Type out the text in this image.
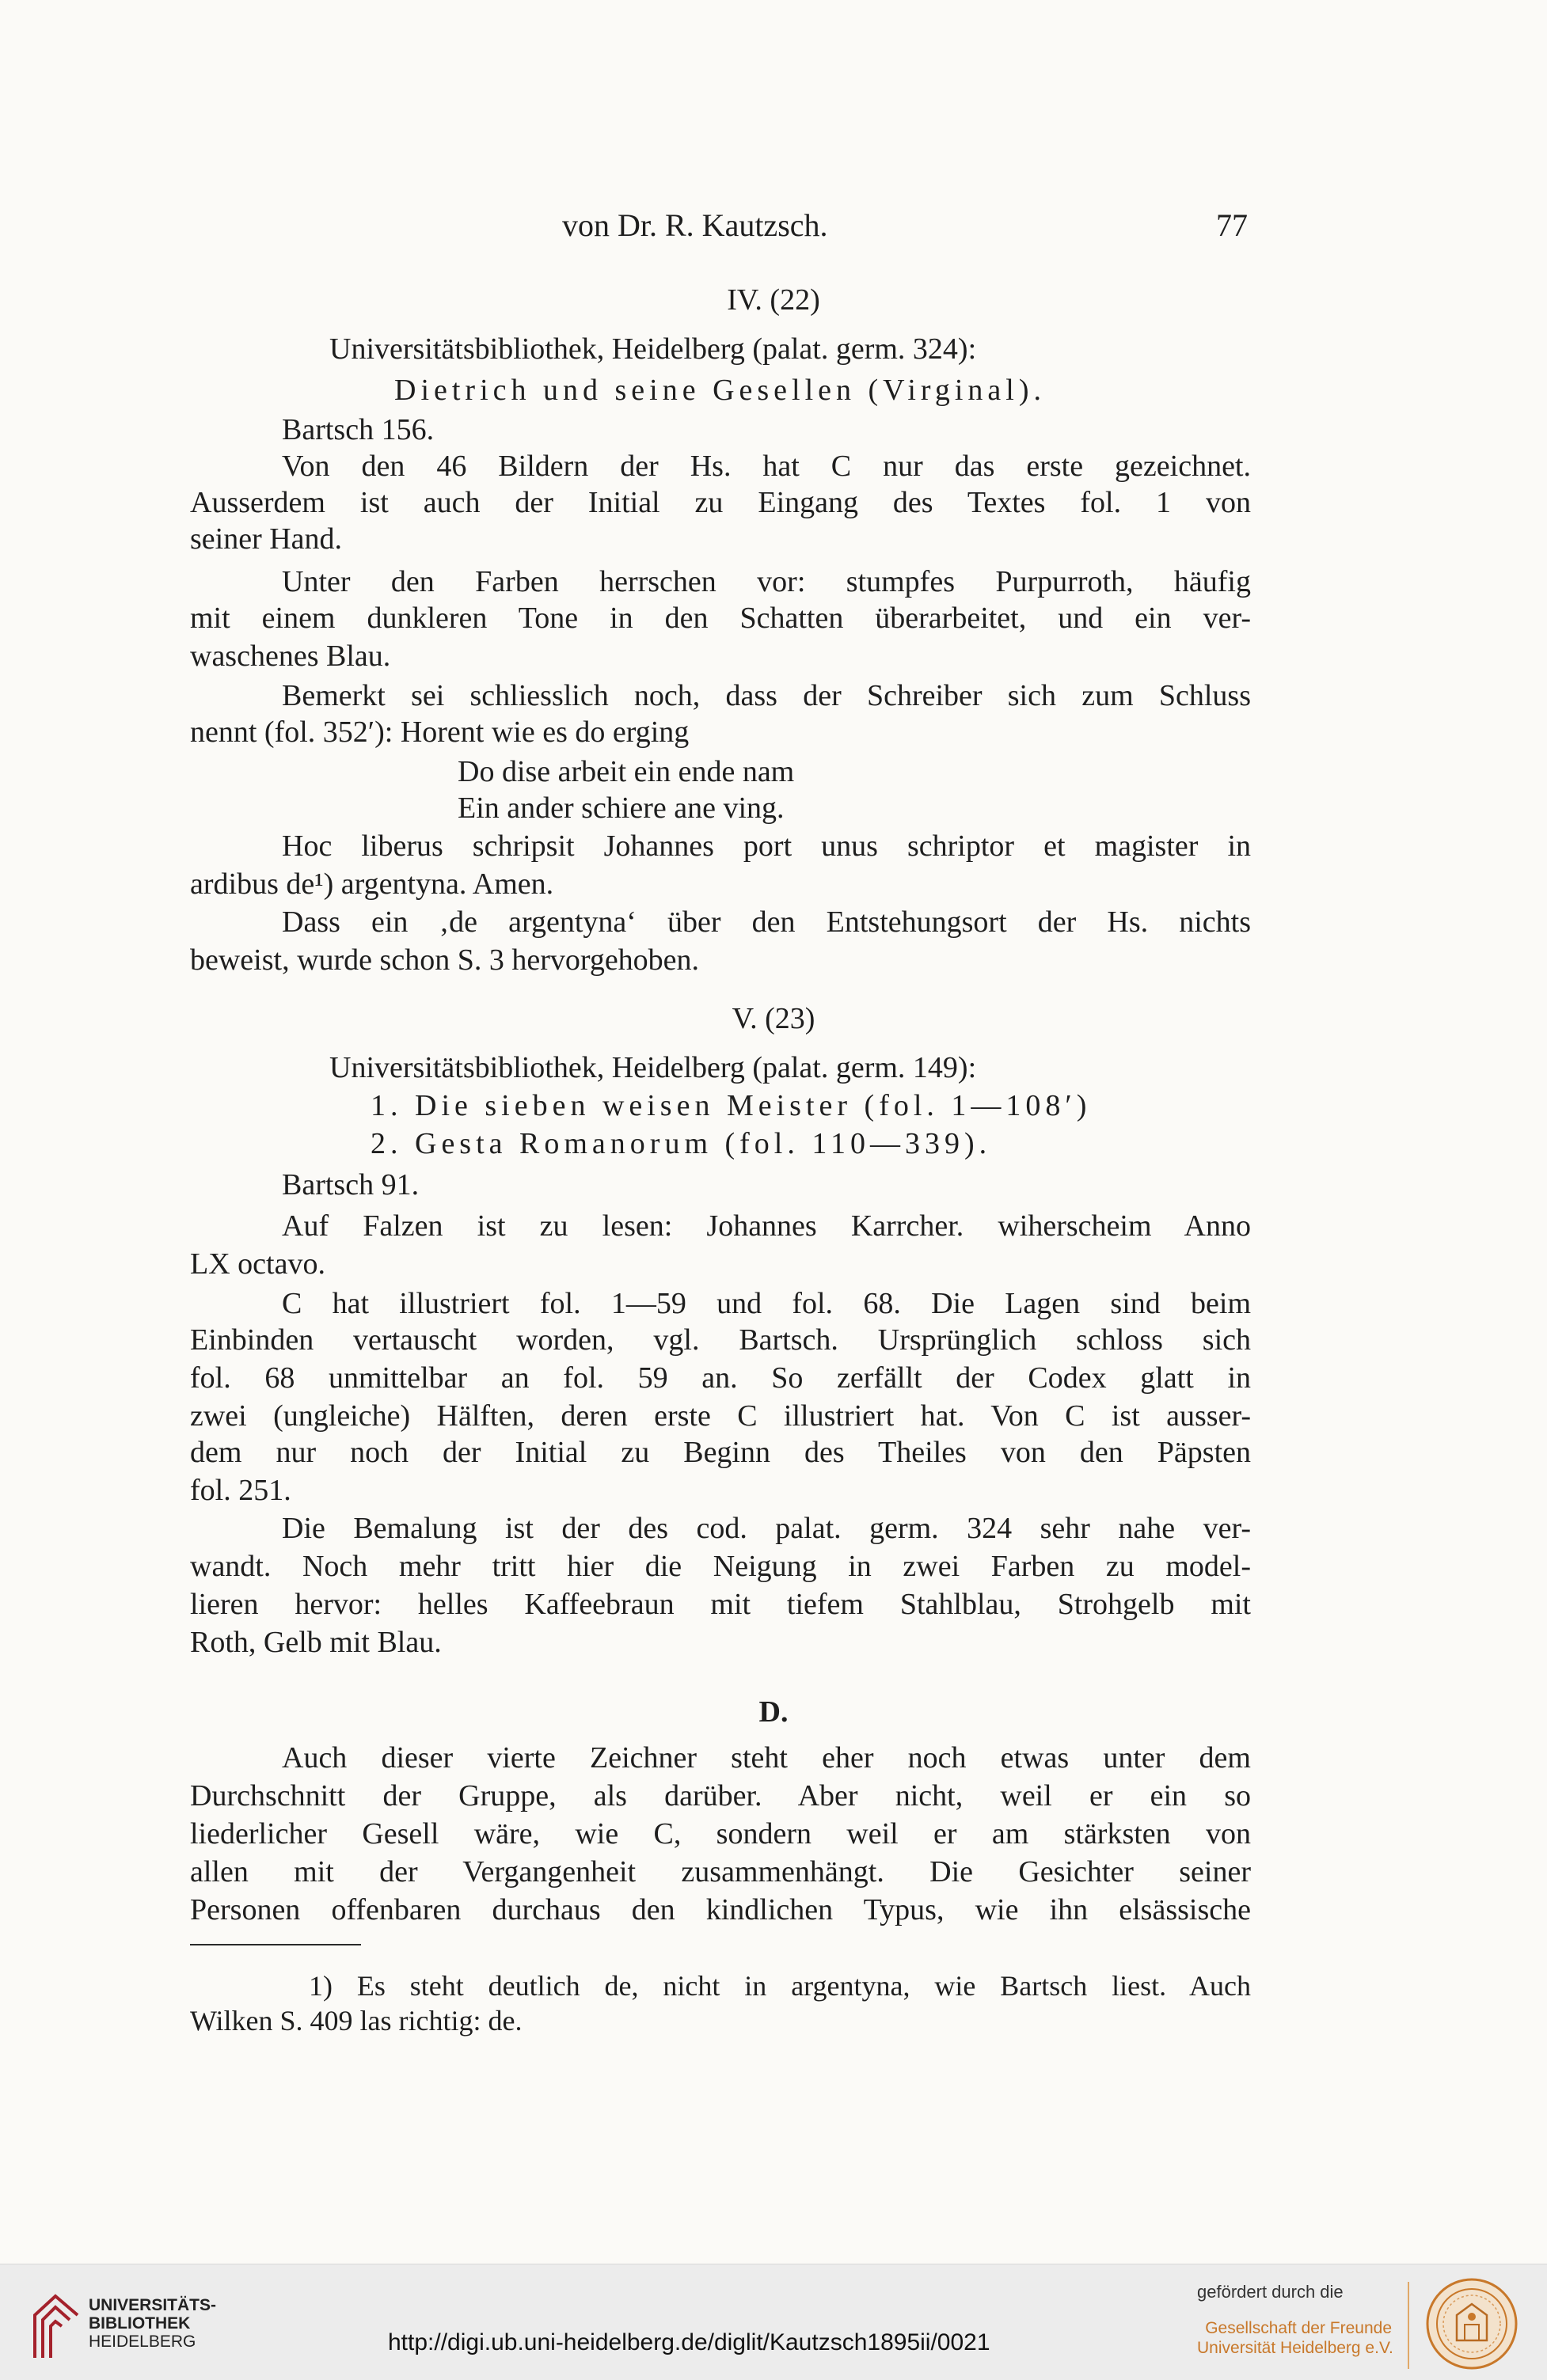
von Dr. R. Kautzsch.	77
IV. (22)
Universitätsbibliothek, Heidelberg (palat. germ. 324):
Dietrich und seine Gesellen (Virginal).
Bartsch 156.
Von den 46 Bildern der Hs. hat C nur das erste gezeichnet.
Ausserdem ist auch der Initial zu Eingang des Textes fol. 1 von
seiner Hand.
Unter den Farben herrschen vor: stumpfes Purpurroth, häufig
mit einem dunkleren Tone in den Schatten überarbeitet, und ein ver-
waschenes Blau.
Bemerkt sei schliesslich noch, dass der Schreiber sich zum Schluss
nennt (fol. 352′): Horent wie es do erging
Do dise arbeit ein ende nam
Ein ander schiere ane ving.
Hoc liberus schripsit Johannes port unus schriptor et magister in
ardibus de¹) argentyna. Amen.
Dass ein ‚de argentyna‘ über den Entstehungsort der Hs. nichts
beweist, wurde schon S. 3 hervorgehoben.
V. (23)
Universitätsbibliothek, Heidelberg (palat. germ. 149):
1. Die sieben weisen Meister (fol. 1—108′)
2. Gesta Romanorum (fol. 110—339).
Bartsch 91.
Auf Falzen ist zu lesen: Johannes Karrcher. wiherscheim Anno
LX octavo.
C hat illustriert fol. 1—59 und fol. 68. Die Lagen sind beim
Einbinden vertauscht worden, vgl. Bartsch. Ursprünglich schloss sich
fol. 68 unmittelbar an fol. 59 an. So zerfällt der Codex glatt in
zwei (ungleiche) Hälften, deren erste C illustriert hat. Von C ist ausser-
dem nur noch der Initial zu Beginn des Theiles von den Päpsten
fol. 251.
Die Bemalung ist der des cod. palat. germ. 324 sehr nahe ver-
wandt. Noch mehr tritt hier die Neigung in zwei Farben zu model-
lieren hervor: helles Kaffeebraun mit tiefem Stahlblau, Strohgelb mit
Roth, Gelb mit Blau.
D.
Auch dieser vierte Zeichner steht eher noch etwas unter dem
Durchschnitt der Gruppe, als darüber. Aber nicht, weil er ein so
liederlicher Gesell wäre, wie C, sondern weil er am stärksten von
allen mit der Vergangenheit zusammenhängt. Die Gesichter seiner
Personen offenbaren durchaus den kindlichen Typus, wie ihn elsässische
1) Es steht deutlich de, nicht in argentyna, wie Bartsch liest. Auch
Wilken S. 409 las richtig: de.
UNIVERSITÄTS-
BIBLIOTHEK
HEIDELBERG	http://digi.ub.uni-heidelberg.de/diglit/Kautzsch1895ii/0021
gefördert durch die
Gesellschaft der Freunde
Universität Heidelberg e.V.
